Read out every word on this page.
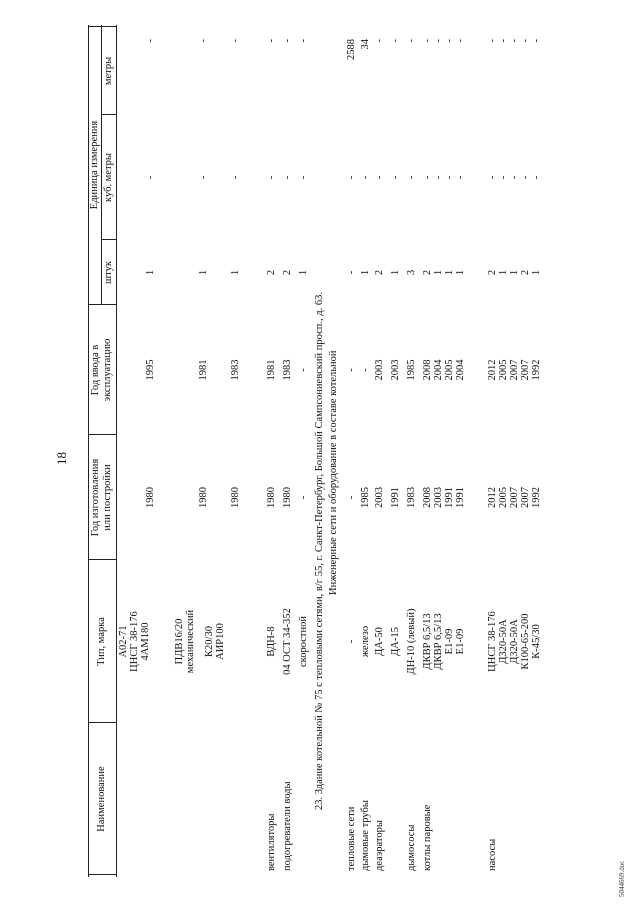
18
Наименование
Тип, марка
Год изготовления или постройки
Год ввода в эксплуатацию
Единица измерения
штук
куб. метры
метры
23. Здание котельной № 75 с тепловыми сетями, в/г 55, г. Санкт-Петербург, Большой Сампсониевский просп., д. 63. Инженерные сети и оборудование в составе котельной
А02-71 ЦНСГ 38-176 4АМ180
1980
1995
1
-
-
ПДВ16/20 механический
1980
1981
1
-
-
К20/30 АИР100
1980
1983
1
-
-
вентиляторы
ВДН-8
1980
1981
2
-
-
подогреватели воды
04 ОСТ 34-352
1980
1983
2
-
-
скоростной
-
-
1
-
-
тепловые сети
-
-
-
-
-
2588
дымовые трубы
железо
1985
-
1
-
34
деаэраторы
ДА-50
2003
2003
2
-
-
ДА-15
1991
2003
1
-
-
дымососы
ДН-10 (левый)
1983
1985
3
-
-
котлы паровые
ДКВР 6,5/13 ДКВР 6,5/13 Е1-09 Е1-09
2008 2003 1991 1991
2008 2004 2005 2004
2 1 1 1
- - - -
- - - -
насосы
ЦНСГ 38-176 Д320-50А Д320-50А К100-65-200 К-45/30
2012 2005 2007 2007 1992
2012 2005 2007 2007 1992
2 1 1 2 1
- - - - -
- - - - -
5044669.doc
